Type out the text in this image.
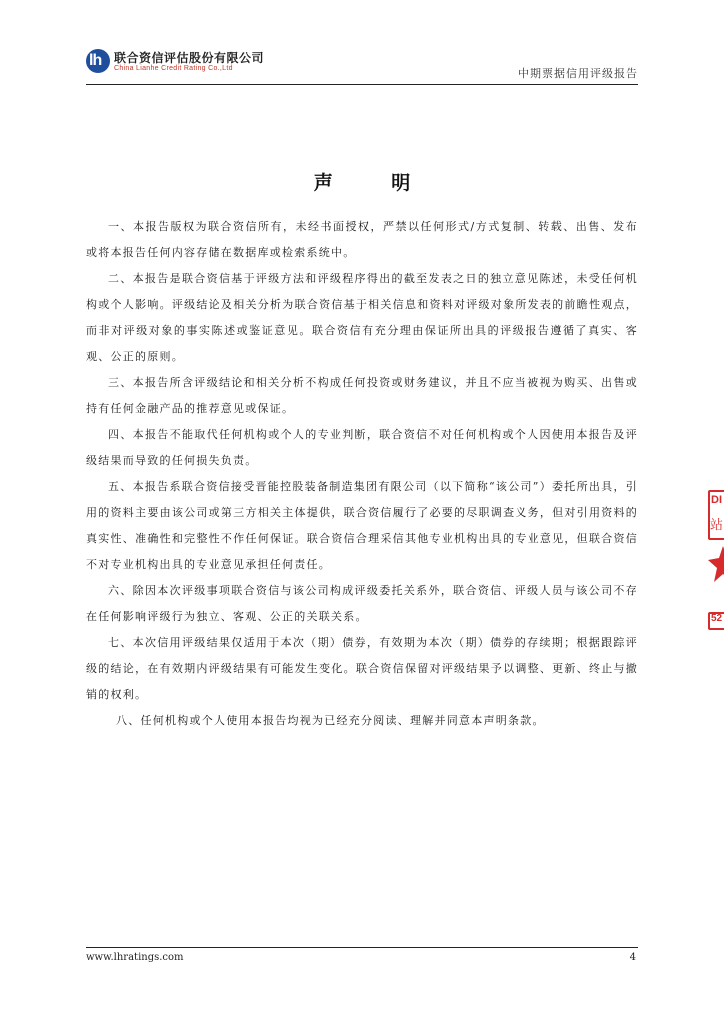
lh 联合资信评估股份有限公司
China Lianhe Credit Rating Co.,Ltd	中期票据信用评级报告
声 明

一、本报告版权为联合资信所有，未经书面授权，严禁以任何形式/方式复制、转载、出售、发布或将本报告任何内容存储在数据库或检索系统中。

二、本报告是联合资信基于评级方法和评级程序得出的截至发表之日的独立意见陈述，未受任何机构或个人影响。评级结论及相关分析为联合资信基于相关信息和资料对评级对象所发表的前瞻性观点，而非对评级对象的事实陈述或鉴证意见。联合资信有充分理由保证所出具的评级报告遵循了真实、客观、公正的原则。

三、本报告所含评级结论和相关分析不构成任何投资或财务建议，并且不应当被视为购买、出售或持有任何金融产品的推荐意见或保证。

四、本报告不能取代任何机构或个人的专业判断，联合资信不对任何机构或个人因使用本报告及评级结果而导致的任何损失负责。

五、本报告系联合资信接受晋能控股装备制造集团有限公司（以下简称“该公司”）委托所出具，引用的资料主要由该公司或第三方相关主体提供，联合资信履行了必要的尽职调查义务，但对引用资料的真实性、准确性和完整性不作任何保证。联合资信合理采信其他专业机构出具的专业意见，但联合资信不对专业机构出具的专业意见承担任何责任。

六、除因本次评级事项联合资信与该公司构成评级委托关系外，联合资信、评级人员与该公司不存在任何影响评级行为独立、客观、公正的关联关系。

七、本次信用评级结果仅适用于本次（期）债券，有效期为本次（期）债券的存续期；根据跟踪评级的结论，在有效期内评级结果有可能发生变化。联合资信保留对评级结果予以调整、更新、终止与撤销的权利。

八、任何机构或个人使用本报告均视为已经充分阅读、理解并同意本声明条款。

DI
站
52
www.lhratings.com	4
